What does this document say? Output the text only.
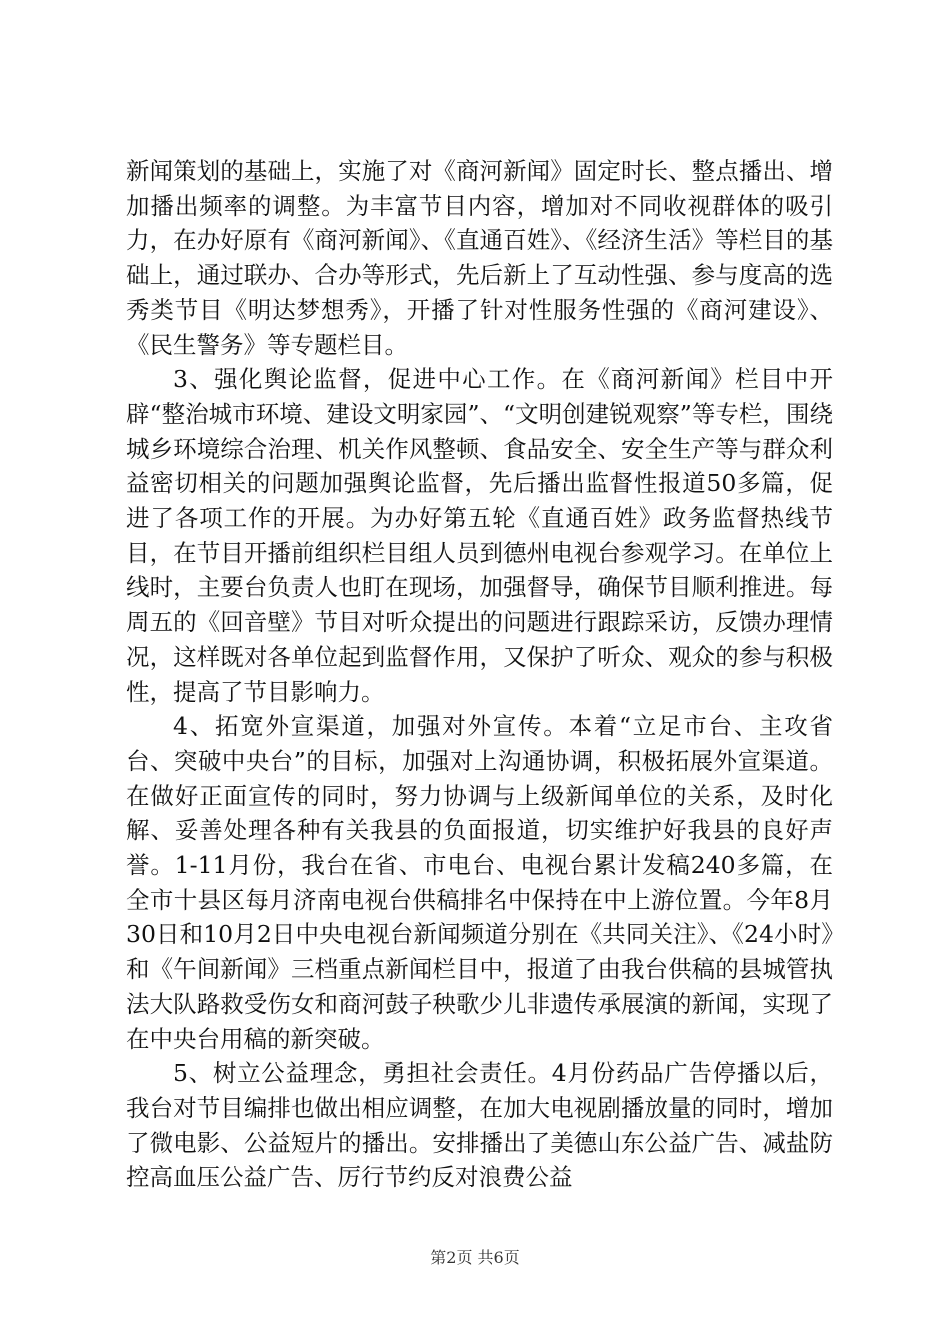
新闻策划的基础上，实施了对《商河新闻》固定时长、整点播出、增加播出频率的调整。为丰富节目内容，增加对不同收视群体的吸引力，在办好原有《商河新闻》、《直通百姓》、《经济生活》等栏目的基础上，通过联办、合办等形式，先后新上了互动性强、参与度高的选秀类节目《明达梦想秀》，开播了针对性服务性强的《商河建设》、《民生警务》等专题栏目。

3、强化舆论监督，促进中心工作。在《商河新闻》栏目中开辟“整治城市环境、建设文明家园”、“文明创建锐观察”等专栏，围绕城乡环境综合治理、机关作风整顿、食品安全、安全生产等与群众利益密切相关的问题加强舆论监督，先后播出监督性报道50多篇，促进了各项工作的开展。为办好第五轮《直通百姓》政务监督热线节目，在节目开播前组织栏目组人员到德州电视台参观学习。在单位上线时，主要台负责人也盯在现场，加强督导，确保节目顺利推进。每周五的《回音壁》节目对听众提出的问题进行跟踪采访，反馈办理情况，这样既对各单位起到监督作用，又保护了听众、观众的参与积极性，提高了节目影响力。

4、拓宽外宣渠道，加强对外宣传。本着“立足市台、主攻省台、突破中央台”的目标，加强对上沟通协调，积极拓展外宣渠道。在做好正面宣传的同时，努力协调与上级新闻单位的关系，及时化解、妥善处理各种有关我县的负面报道，切实维护好我县的良好声誉。1-11月份，我台在省、市电台、电视台累计发稿240多篇，在全市十县区每月济南电视台供稿排名中保持在中上游位置。今年8月30日和10月2日中央电视台新闻频道分别在《共同关注》、《24小时》和《午间新闻》三档重点新闻栏目中，报道了由我台供稿的县城管执法大队路救受伤女和商河鼓子秧歌少儿非遗传承展演的新闻，实现了在中央台用稿的新突破。

5、树立公益理念，勇担社会责任。4月份药品广告停播以后，我台对节目编排也做出相应调整，在加大电视剧播放量的同时，增加了微电影、公益短片的播出。安排播出了美德山东公益广告、减盐防控高血压公益广告、厉行节约反对浪费公益

第2页 共6页
